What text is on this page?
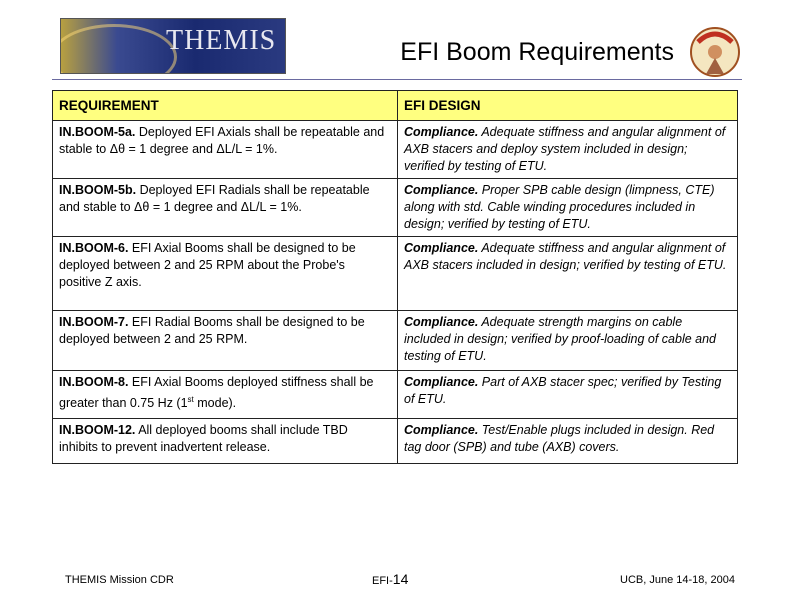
THEMIS	EFI Boom Requirements
REQUIREMENT	EFI DESIGN
IN.BOOM-5a. Deployed EFI Axials shall be repeatable and stable to Δθ = 1 degree and ΔL/L = 1%.	Compliance. Adequate stiffness and angular alignment of AXB stacers and deploy system included in design; verified by testing of ETU.
IN.BOOM-5b. Deployed EFI Radials shall be repeatable and stable to Δθ = 1 degree and ΔL/L = 1%.	Compliance. Proper SPB cable design (limpness, CTE) along with std. Cable winding procedures included in design; verified by testing of ETU.
IN.BOOM-6. EFI Axial Booms shall be designed to be deployed between 2 and 25 RPM about the Probe's positive Z axis.	Compliance. Adequate stiffness and angular alignment of AXB stacers included in design; verified by testing of ETU.
IN.BOOM-7. EFI Radial Booms shall be designed to be deployed between 2 and 25 RPM.	Compliance. Adequate strength margins on cable included in design; verified by proof-loading of cable and testing of ETU.
IN.BOOM-8. EFI Axial Booms deployed stiffness shall be greater than 0.75 Hz (1st mode).	Compliance. Part of AXB stacer spec; verified by Testing of ETU.
IN.BOOM-12. All deployed booms shall include TBD inhibits to prevent inadvertent release.	Compliance. Test/Enable plugs included in design. Red tag door (SPB) and tube (AXB) covers.
THEMIS Mission CDR	EFI-14	UCB, June 14-18, 2004
